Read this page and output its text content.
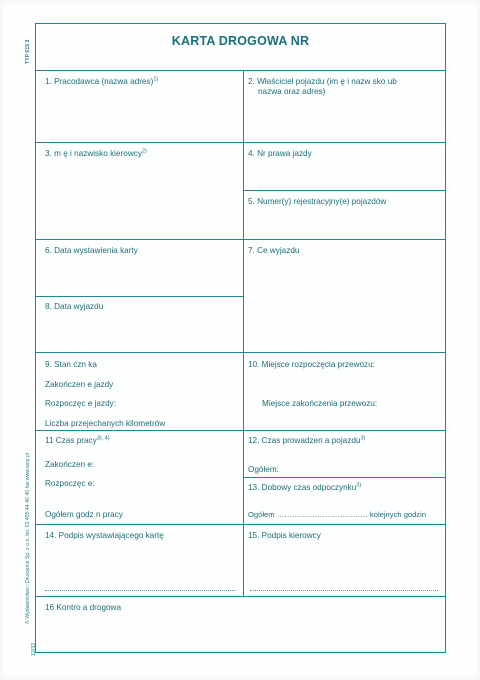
KARTA DROGOWA NR
1. Pracodawca (nazwa adres)$^{1)}$	2. Właściciel pojazdu (im ę i nazw sko ub
nazwa oraz adres)
3. m ę i nazwisko kierowcy$^{2)}$	4. Nr prawa jazdy
5. Numer(y) rejestracyjny(e) pojazdów
6. Data wystawienia karty	7. Ce wyjazdu
8. Data wyjazdu
9. Stan czn ka
Zakończen e jazdy
Rozpoczęc e jazdy:
Liczba przejechanych kilometrów
10. Miejsce rozpoczęcia przewozu:
Miejsce zakończenia przewozu:
11 Czas pracy$^{3), 4)}$
Zakończen e:
Rozpoczęc e:
Ogółem godz n pracy
12. Czas prowadzen a pojazdu$^{3)}$
Ogółem:
13. Dobowy czas odpoczynku$^{3)}$
Ogółem ……………………………… kolejnych godzin
14. Podpis wystawiającego kartę	15. Podpis kierowcy
16 Kontro a drogowa
TYP 615 3
© Wydawnictwo i Drukarnie Sp. z o.o. tel. 03 455 44 40 40 fax www.wsp.pl
12/32
